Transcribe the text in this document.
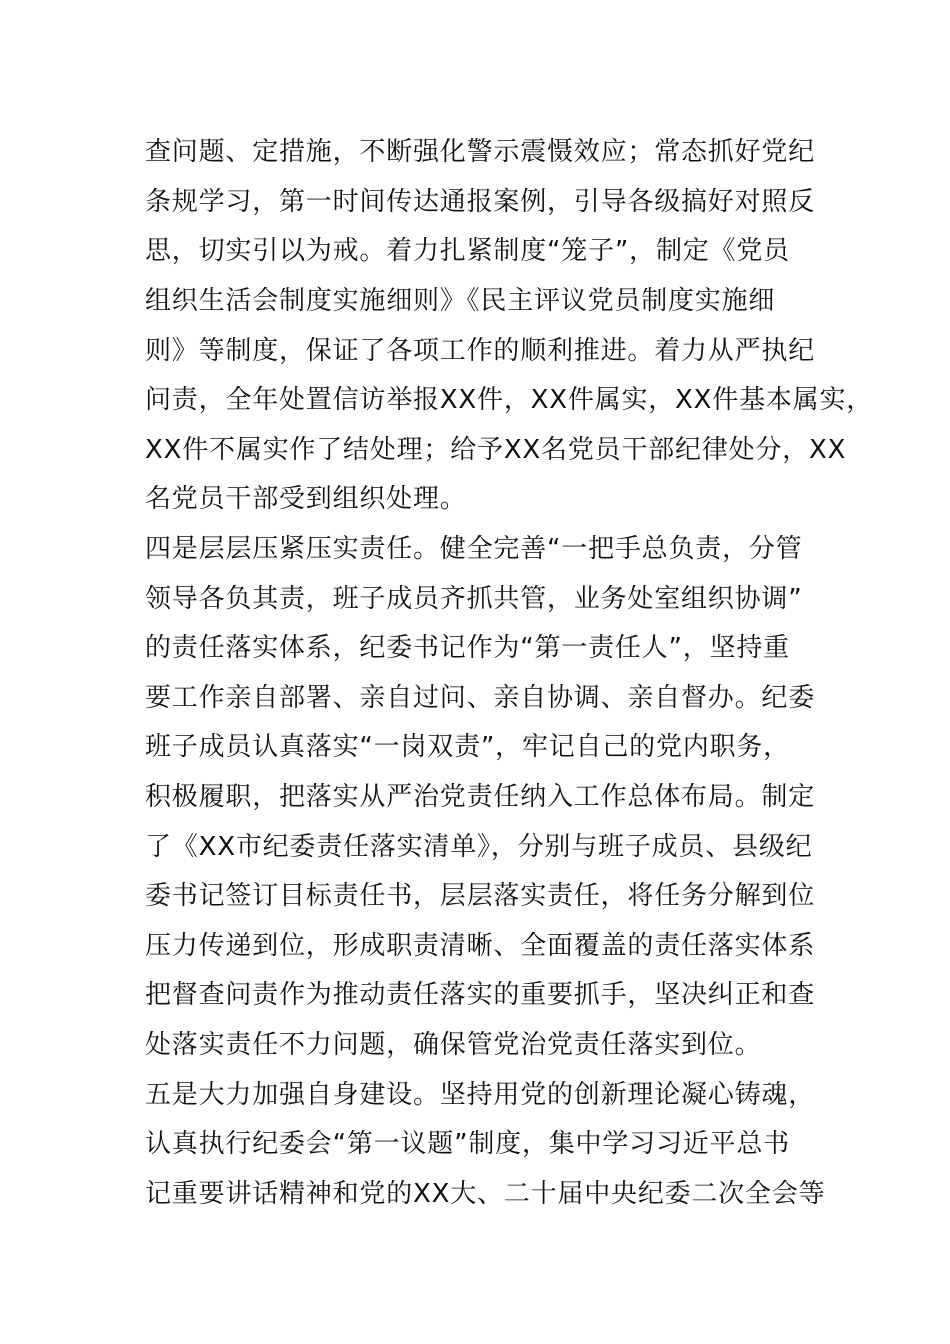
查问题、定措施，不断强化警示震慑效应；常态抓好党纪
条规学习，第一时间传达通报案例，引导各级搞好对照反
思，切实引以为戒。着力扎紧制度“笼子”，制定《党员
组织生活会制度实施细则》《民主评议党员制度实施细
则》等制度，保证了各项工作的顺利推进。着力从严执纪
问责，全年处置信访举报XX件，XX件属实，XX件基本属实，
XX件不属实作了结处理；给予XX名党员干部纪律处分，XX
名党员干部受到组织处理。
四是层层压紧压实责任。健全完善“一把手总负责，分管
领导各负其责，班子成员齐抓共管，业务处室组织协调”
的责任落实体系，纪委书记作为“第一责任人”，坚持重
要工作亲自部署、亲自过问、亲自协调、亲自督办。纪委
班子成员认真落实“一岗双责”，牢记自己的党内职务，
积极履职，把落实从严治党责任纳入工作总体布局。制定
了《XX市纪委责任落实清单》，分别与班子成员、县级纪
委书记签订目标责任书，层层落实责任，将任务分解到位
压力传递到位，形成职责清晰、全面覆盖的责任落实体系
把督查问责作为推动责任落实的重要抓手，坚决纠正和查
处落实责任不力问题，确保管党治党责任落实到位。
五是大力加强自身建设。坚持用党的创新理论凝心铸魂，
认真执行纪委会“第一议题”制度，集中学习习近平总书
记重要讲话精神和党的XX大、二十届中央纪委二次全会等
